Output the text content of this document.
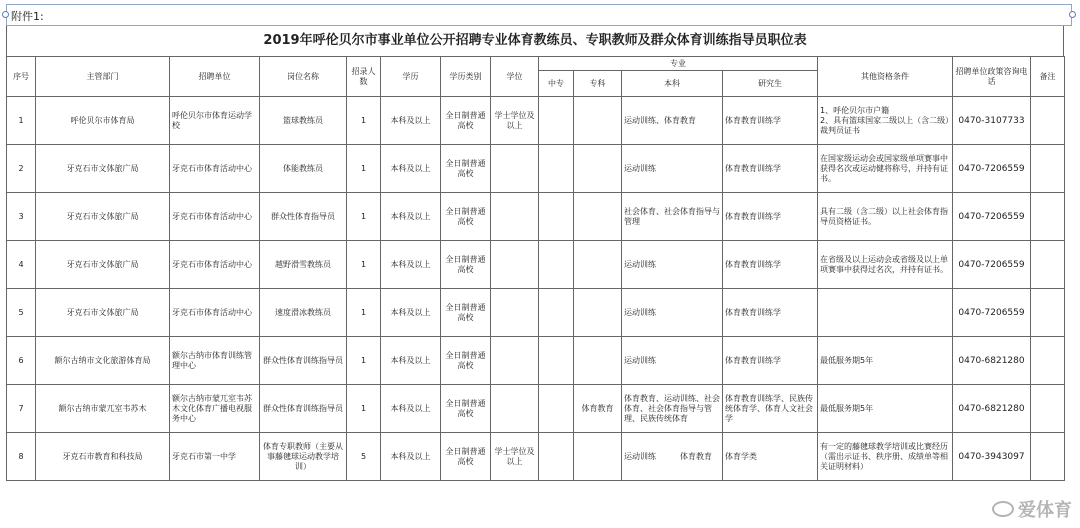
附件1:
2019年呼伦贝尔市事业单位公开招聘专业体育教练员、专职教师及群众体育训练指导员职位表
序号	主管部门	招聘单位	岗位名称	招录人数	学历	学历类别	学位	专业				其他资格条件	招聘单位政策咨询电话	备注
								中专	专科	本科	研究生			
1	呼伦贝尔市体育局	呼伦贝尔市体育运动学校	篮球教练员	1	本科及以上	全日制普通高校	学士学位及以上			运动训练、体育教育	体育教育训练学	1、呼伦贝尔市户籍
2、具有篮球国家二级以上（含二级）裁判员证书	0470-3107733	
2	牙克石市文体旅广局	牙克石市体育活动中心	体能教练员	1	本科及以上	全日制普通高校				运动训练	体育教育训练学	在国家级运动会或国家级单项赛事中获得名次或运动健将称号，并持有证书。	0470-7206559	
3	牙克石市文体旅广局	牙克石市体育活动中心	群众性体育指导员	1	本科及以上	全日制普通高校				社会体育、社会体育指导与管理	体育教育训练学	具有二级（含二级）以上社会体育指导员资格证书。	0470-7206559	
4	牙克石市文体旅广局	牙克石市体育活动中心	越野滑雪教练员	1	本科及以上	全日制普通高校				运动训练	体育教育训练学	在省级及以上运动会或省级及以上单项赛事中获得过名次，并持有证书。	0470-7206559	
5	牙克石市文体旅广局	牙克石市体育活动中心	速度滑冰教练员	1	本科及以上	全日制普通高校				运动训练	体育教育训练学		0470-7206559	
6	额尔古纳市文化旅游体育局	额尔古纳市体育训练管理中心	群众性体育训练指导员	1	本科及以上	全日制普通高校				运动训练	体育教育训练学	最低服务期5年	0470-6821280	
7	额尔古纳市蒙兀室韦苏木	额尔古纳市蒙兀室韦苏木文化体育广播电视服务中心	群众性体育训练指导员	1	本科及以上	全日制普通高校			体育教育	体育教育、运动训练、社会体育、社会体育指导与管理、民族传统体育	体育教育训练学、民族传统体育学、体育人文社会学	最低服务期5年	0470-6821280	
8	牙克石市教育和科技局	牙克石市第一中学	体育专职教师（主要从事藤毽球运动教学培训）	5	本科及以上	全日制普通高校	学士学位及以上			运动训练　　　体育教育	体育学类	有一定的藤毽球教学培训或比赛经历（需出示证书、秩序册、成绩单等相关证明材料）	0470-3943097	
爱体育
